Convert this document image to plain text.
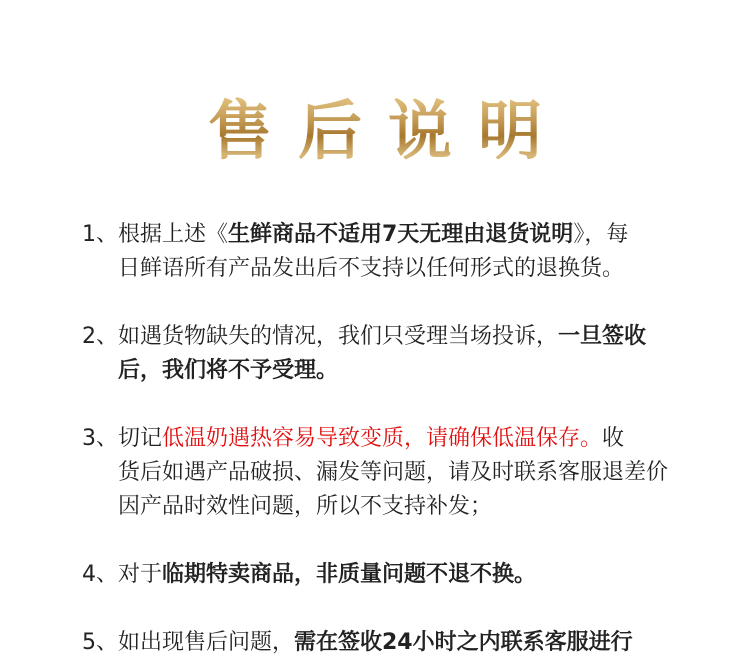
售后说明
1、根据上述《生鲜商品不适用7天无理由退货说明》，每
日鲜语所有产品发出后不支持以任何形式的退换货。
2、如遇货物缺失的情况，我们只受理当场投诉，一旦签收
后，我们将不予受理。
3、切记低温奶遇热容易导致变质，请确保低温保存。收
货后如遇产品破损、漏发等问题，请及时联系客服退差价
因产品时效性问题，所以不支持补发；
4、对于临期特卖商品，非质量问题不退不换。
5、如出现售后问题，需在签收24小时之内联系客服进行
